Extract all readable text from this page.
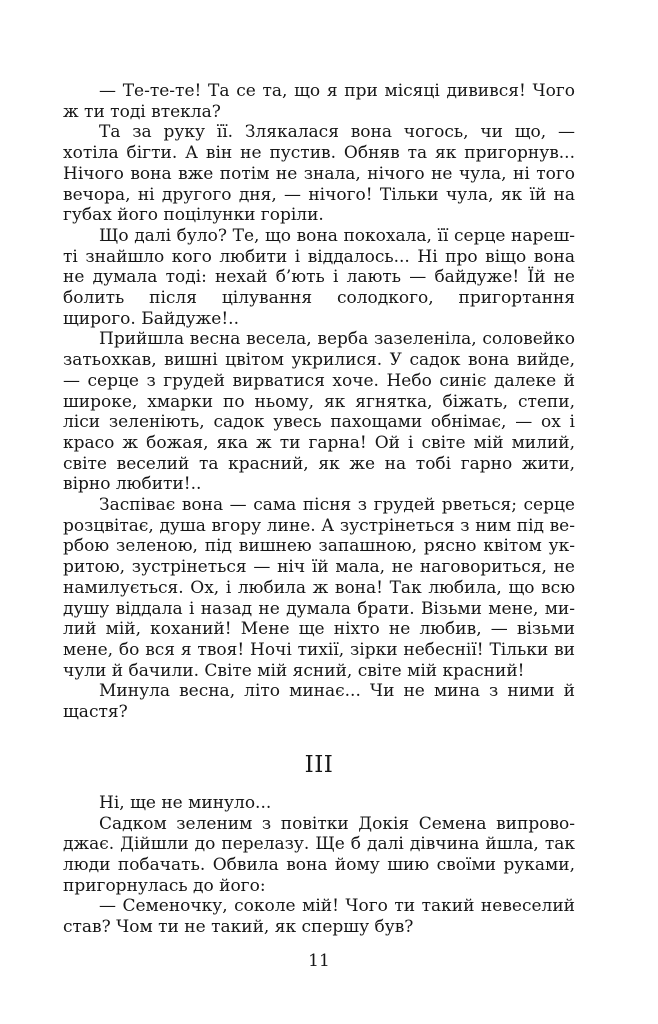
— Те-те-те! Та се та, що я при місяці дивився! Чого ж ти тоді втекла?

Та за руку її. Злякалася вона чогось, чи що, — хотіла бігти. А він не пустив. Обняв та як пригорнув... Нічого вона вже потім не знала, нічого не чула, ні того вечора, ні другого дня, — нічого! Тільки чула, як їй на губах його поцілунки горіли.

Що далі було? Те, що вона покохала, її серце нарешті знайшло кого любити і віддалось... Ні про віщо вона не думала тоді: нехай б’ють і лають — байдуже! Їй не болить після цілування солодкого, пригортання щирого. Байдуже!..

Прийшла весна весела, верба зазеленіла, соловейко затьохкав, вишні цвітом укрилися. У садок вона вийде, — серце з грудей вирватися хоче. Небо синіє далеке й широке, хмарки по ньому, як ягнятка, біжать, степи, ліси зеленіють, садок увесь пахощами обнімає, — ох і красо ж божая, яка ж ти гарна! Ой і світе мій милий, світе веселий та красний, як же на тобі гарно жити, вірно любити!..

Заспіває вона — сама пісня з грудей рветься; серце розцвітає, душа вгору лине. А зустрінеться з ним під вербою зеленою, під вишнею запашною, рясно квітом укритою, зустрінеться — ніч їй мала, не наговориться, не намилується. Ох, і любила ж вона! Так любила, що всю душу віддала і назад не думала брати. Візьми мене, милий мій, коханий! Мене ще ніхто не любив, — візьми мене, бо вся я твоя! Ночі тихії, зірки небеснії! Тільки ви чули й бачили. Світе мій ясний, світе мій красний!

Минула весна, літо минає... Чи не мина з ними й щастя?

III

Ні, ще не минуло...

Садком зеленим з повітки Докія Семена випроводжає. Дійшли до перелазу. Ще б далі дівчина йшла, так люди побачать. Обвила вона йому шию своїми руками, пригорнулась до його:

— Семеночку, соколе мій! Чого ти такий невеселий став? Чом ти не такий, як спершу був?

11
